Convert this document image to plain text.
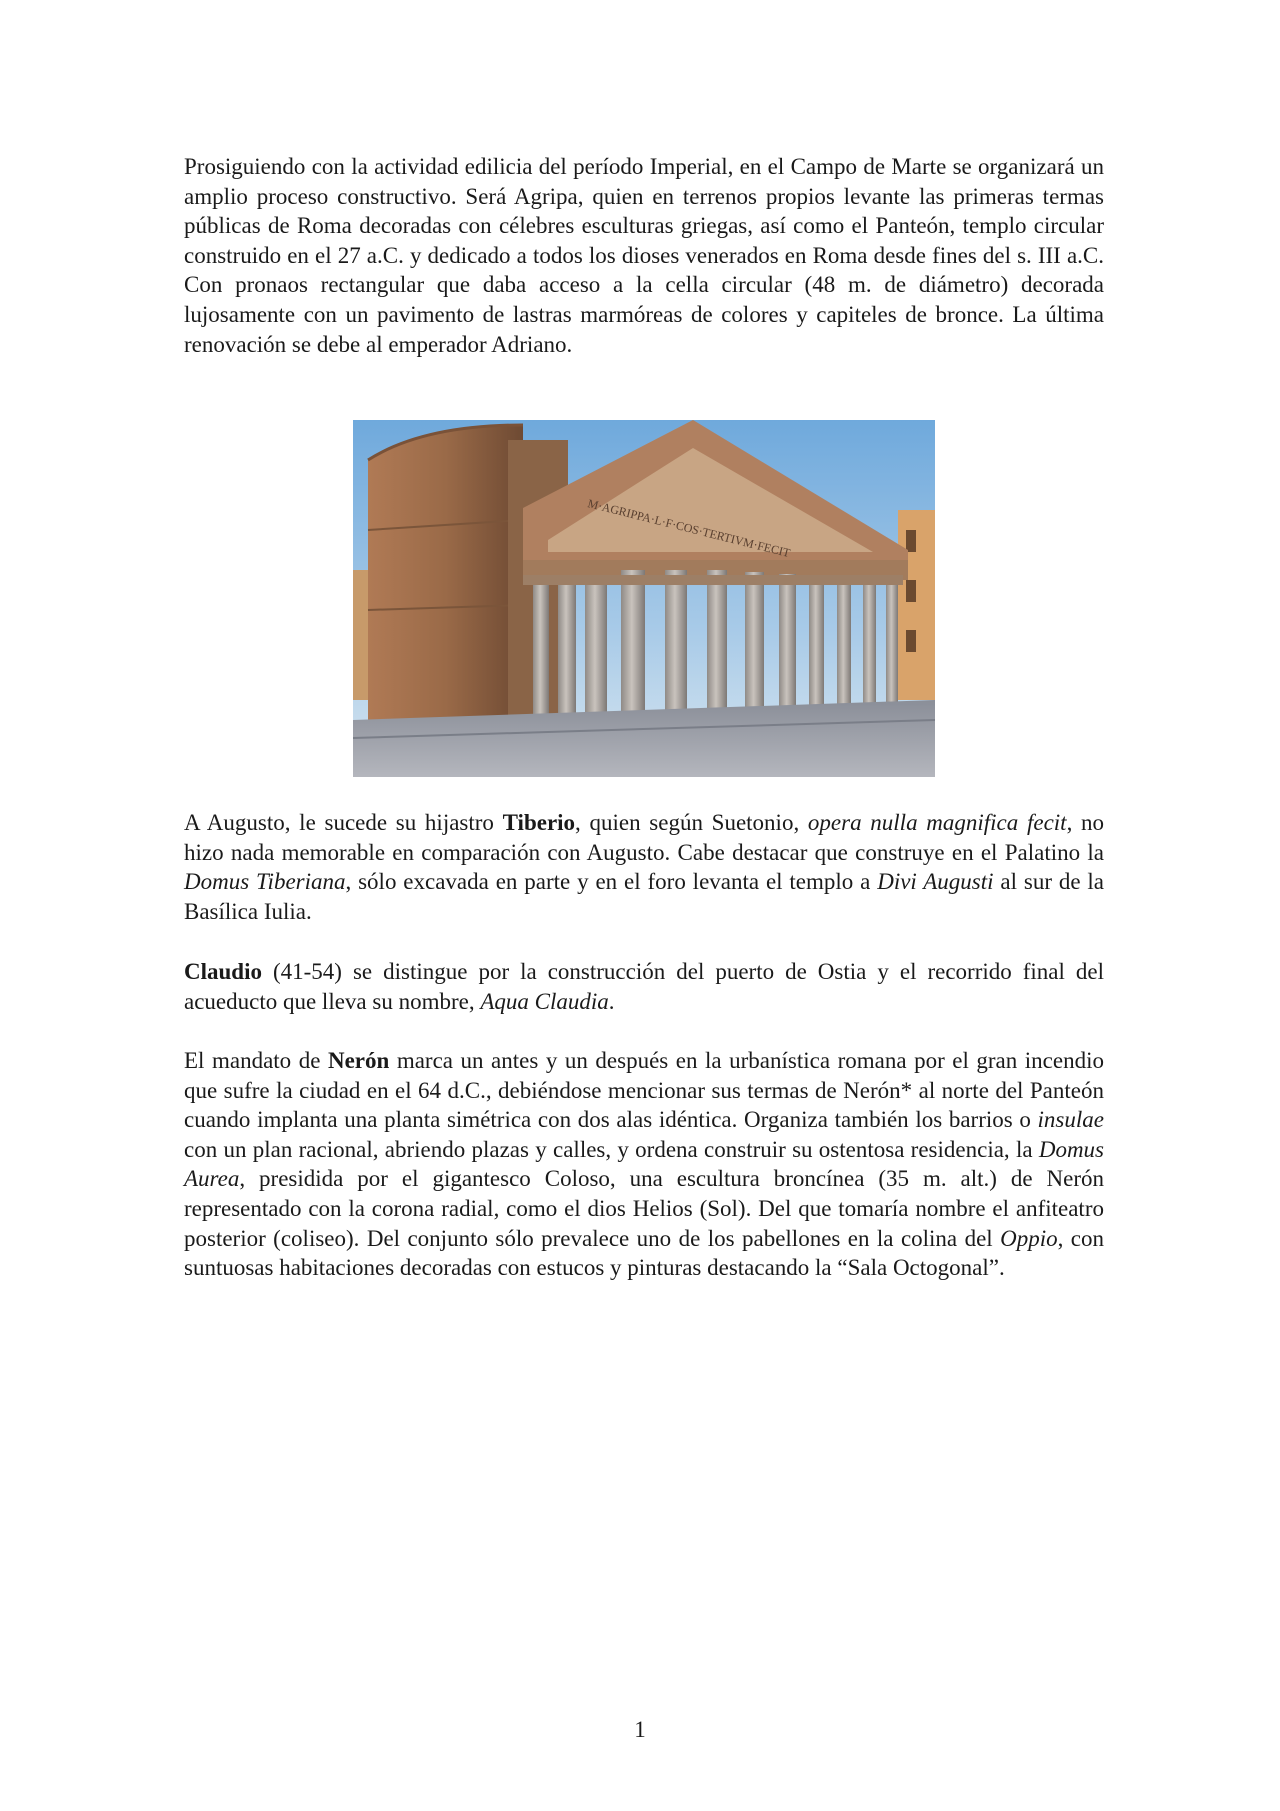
Prosiguiendo con la actividad edilicia del período Imperial, en el Campo de Marte se organizará un amplio proceso constructivo. Será Agripa, quien en terrenos propios levante las primeras termas públicas de Roma decoradas con célebres esculturas griegas, así como el Panteón, templo circular construido en el 27 a.C. y dedicado a todos los dioses venerados en Roma desde fines del s. III a.C. Con pronaos rectangular que daba acceso a la cella circular (48 m. de diámetro) decorada lujosamente con un pavimento de lastras marmóreas de colores y capiteles de bronce. La última renovación se debe al emperador Adriano.

M·AGRIPPA·L·F·COS·TERTIVM·FECIT

A Augusto, le sucede su hijastro Tiberio, quien según Suetonio, opera nulla magnifica fecit, no hizo nada memorable en comparación con Augusto. Cabe destacar que construye en el Palatino la Domus Tiberiana, sólo excavada en parte y en el foro levanta el templo a Divi Augusti al sur de la Basílica Iulia.

Claudio (41-54) se distingue por la construcción del puerto de Ostia y el recorrido final del acueducto que lleva su nombre, Aqua Claudia.

El mandato de Nerón marca un antes y un después en la urbanística romana por el gran incendio que sufre la ciudad en el 64 d.C., debiéndose mencionar sus termas de Nerón* al norte del Panteón cuando implanta una planta simétrica con dos alas idéntica. Organiza también los barrios o insulae con un plan racional, abriendo plazas y calles, y ordena construir su ostentosa residencia, la Domus Aurea, presidida por el gigantesco Coloso, una escultura broncínea (35 m. alt.) de Nerón representado con la corona radial, como el dios Helios (Sol). Del que tomaría nombre el anfiteatro posterior (coliseo). Del conjunto sólo prevalece uno de los pabellones en la colina del Oppio, con suntuosas habitaciones decoradas con estucos y pinturas destacando la “Sala Octogonal”.

1
